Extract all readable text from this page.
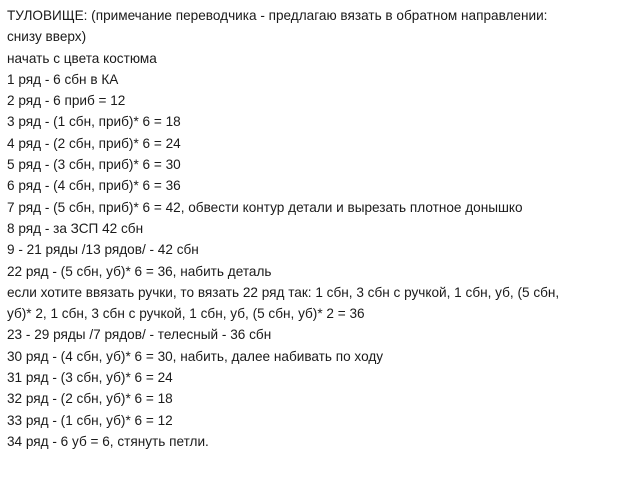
ТУЛОВИЩЕ: (примечание переводчика - предлагаю вязать в обратном направлении:
снизу вверх)
начать с цвета костюма
1 ряд - 6 сбн в КА
2 ряд - 6 приб = 12
3 ряд - (1 сбн, приб)* 6 = 18
4 ряд - (2 сбн, приб)* 6 = 24
5 ряд - (3 сбн, приб)* 6 = 30
6 ряд - (4 сбн, приб)* 6 = 36
7 ряд - (5 сбн, приб)* 6 = 42, обвести контур детали и вырезать плотное донышко
8 ряд - за ЗСП 42 сбн
9 - 21 ряды /13 рядов/ - 42 сбн
22 ряд - (5 сбн, уб)* 6 = 36, набить деталь
если хотите ввязать ручки, то вязать 22 ряд так: 1 сбн, 3 сбн с ручкой, 1 сбн, уб, (5 сбн,
уб)* 2, 1 сбн, 3 сбн с ручкой, 1 сбн, уб, (5 сбн, уб)* 2 = 36
23 - 29 ряды /7 рядов/ - телесный - 36 сбн
30 ряд - (4 сбн, уб)* 6 = 30, набить, далее набивать по ходу
31 ряд - (3 сбн, уб)* 6 = 24
32 ряд - (2 сбн, уб)* 6 = 18
33 ряд - (1 сбн, уб)* 6 = 12
34 ряд - 6 уб = 6, стянуть петли.
